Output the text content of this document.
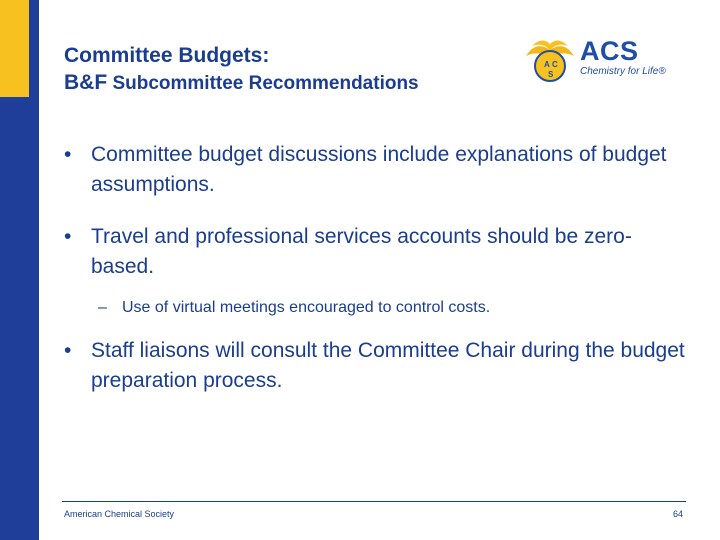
Committee Budgets:
B&F Subcommittee Recommendations
A C
S
ACS
Chemistry for Life®
• Committee budget discussions include explanations of budget assumptions.
• Travel and professional services accounts should be zero-based.
– Use of virtual meetings encouraged to control costs.
• Staff liaisons will consult the Committee Chair during the budget preparation process.
American Chemical Society	64
